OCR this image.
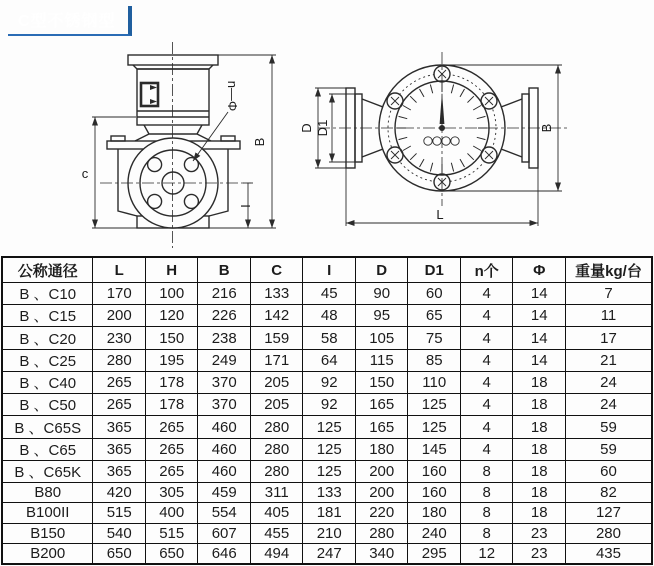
C型不锈钢型
c
B
I
n—Φ
D D1	B
L
公称通径	L	H	B	C	I	D	D1	n个	Φ	重量kg/台
B 、C10	170	100	216	133	45	90	60	4	14	7
B 、C15	200	120	226	142	48	95	65	4	14	11
B 、C20	230	150	238	159	58	105	75	4	14	17
B 、C25	280	195	249	171	64	115	85	4	14	21
B 、C40	265	178	370	205	92	150	110	4	18	24
B 、C50	265	178	370	205	92	165	125	4	18	24
B 、C65S	365	265	460	280	125	165	125	4	18	59
B 、C65	365	265	460	280	125	180	145	4	18	59
B 、C65K	365	265	460	280	125	200	160	8	18	60
B80	420	305	459	311	133	200	160	8	18	82
B100II	515	400	554	405	181	220	180	8	18	127
B150	540	515	607	455	210	280	240	8	23	280
B200	650	650	646	494	247	340	295	12	23	435
